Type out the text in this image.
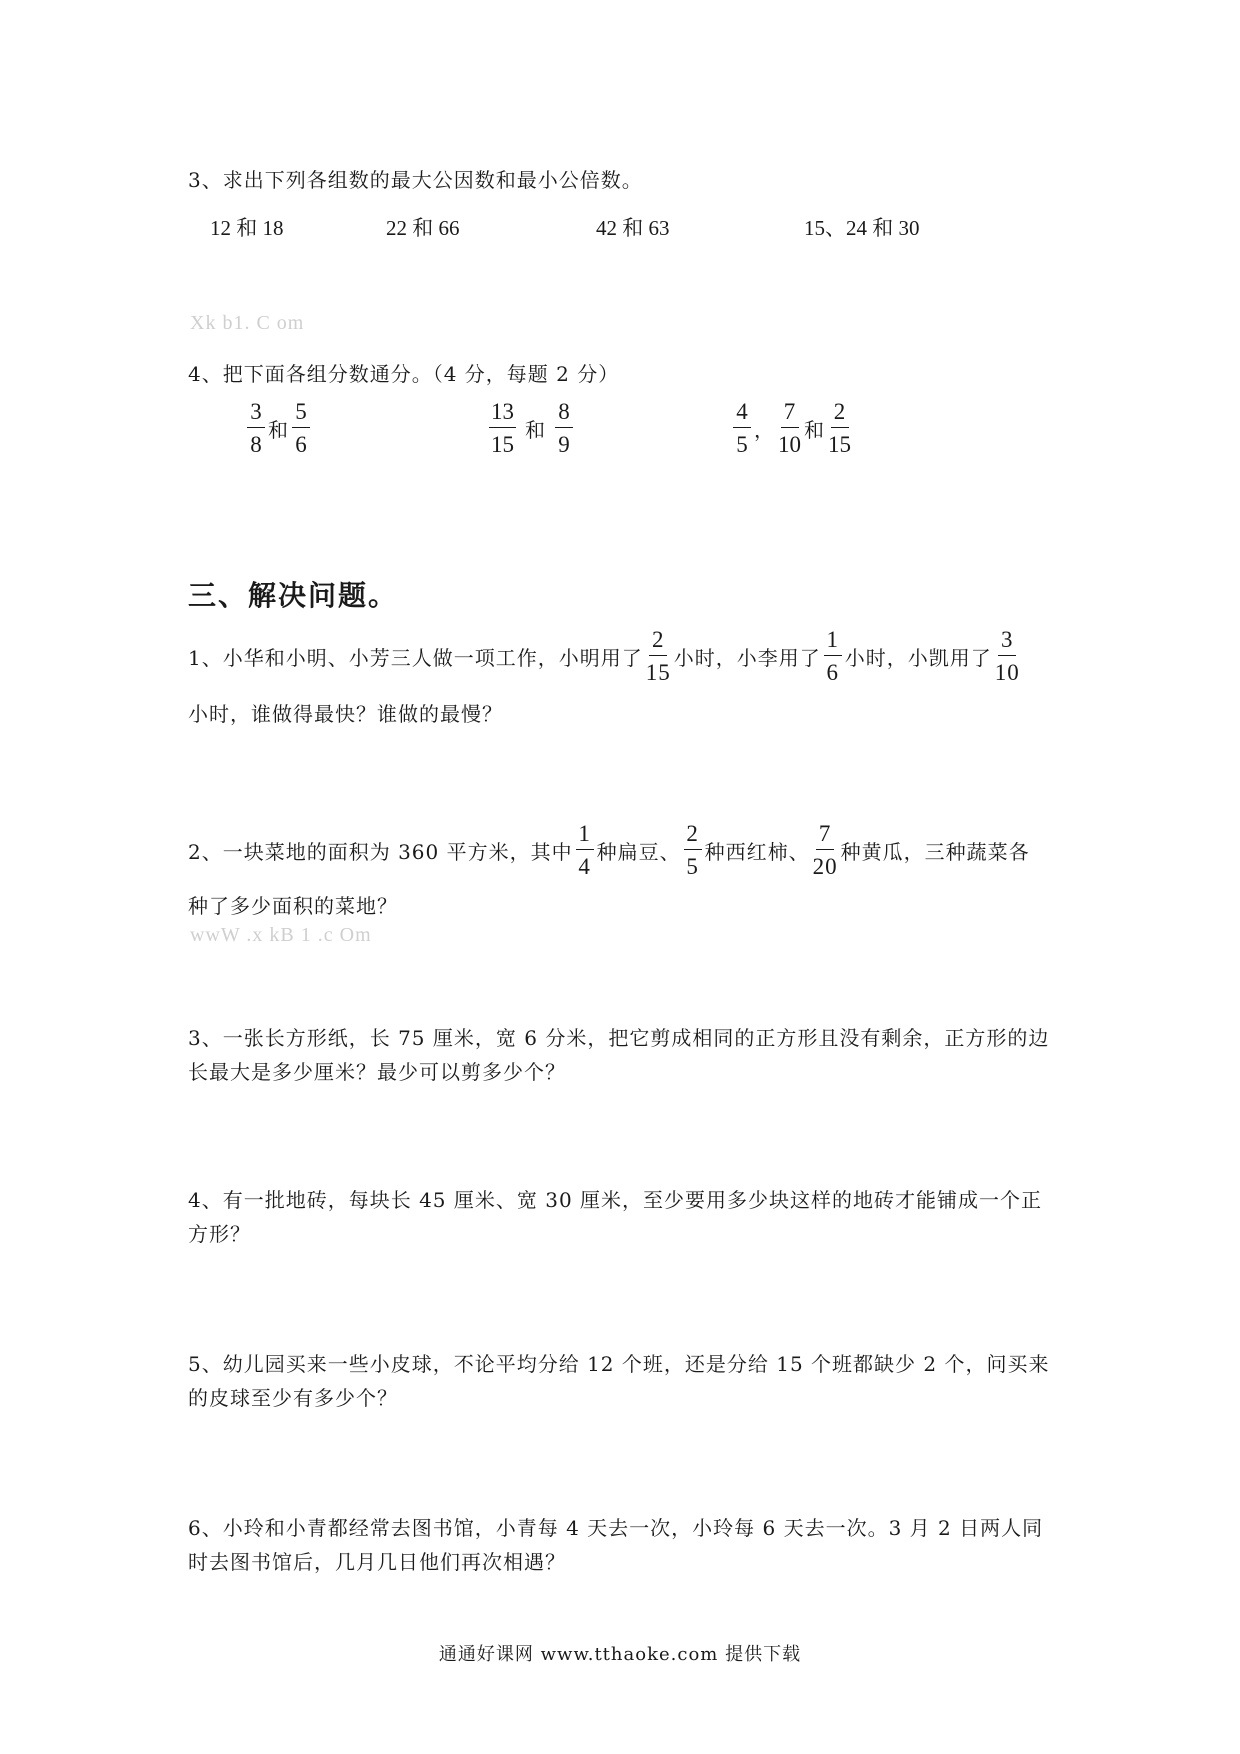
3、求出下列各组数的最大公因数和最小公倍数。
12 和 18	22 和 66	42 和 63	15、24 和 30
Xk b1. C om
4、把下面各组分数通分。（4 分，每题 2 分）
$\frac{3}{8}$ 和 $\frac{5}{6}$	$\frac{13}{15}$ 和 $\frac{8}{9}$	$\frac{4}{5}$ ， $\frac{7}{10}$ 和 $\frac{2}{15}$
三、解决问题。
1、小华和小明、小芳三人做一项工作，小明用了 $\frac{2}{15}$ 小时，小李用了 $\frac{1}{6}$ 小时，小凯用了 $\frac{3}{10}$
小时，谁做得最快？谁做的最慢？
2、一块菜地的面积为 360 平方米，其中 $\frac{1}{4}$ 种扁豆、 $\frac{2}{5}$ 种西红柿、 $\frac{7}{20}$ 种黄瓜，三种蔬菜各
种了多少面积的菜地？
wwW .x kB 1 .c Om
3、一张长方形纸，长 75 厘米，宽 6 分米，把它剪成相同的正方形且没有剩余，正方形的边
长最大是多少厘米？最少可以剪多少个？
4、有一批地砖，每块长 45 厘米、宽 30 厘米，至少要用多少块这样的地砖才能铺成一个正
方形？
5、幼儿园买来一些小皮球，不论平均分给 12 个班，还是分给 15 个班都缺少 2 个，问买来
的皮球至少有多少个？
6、小玲和小青都经常去图书馆，小青每 4 天去一次，小玲每 6 天去一次。3 月 2 日两人同
时去图书馆后，几月几日他们再次相遇？
通通好课网 www.tthaoke.com 提供下载
